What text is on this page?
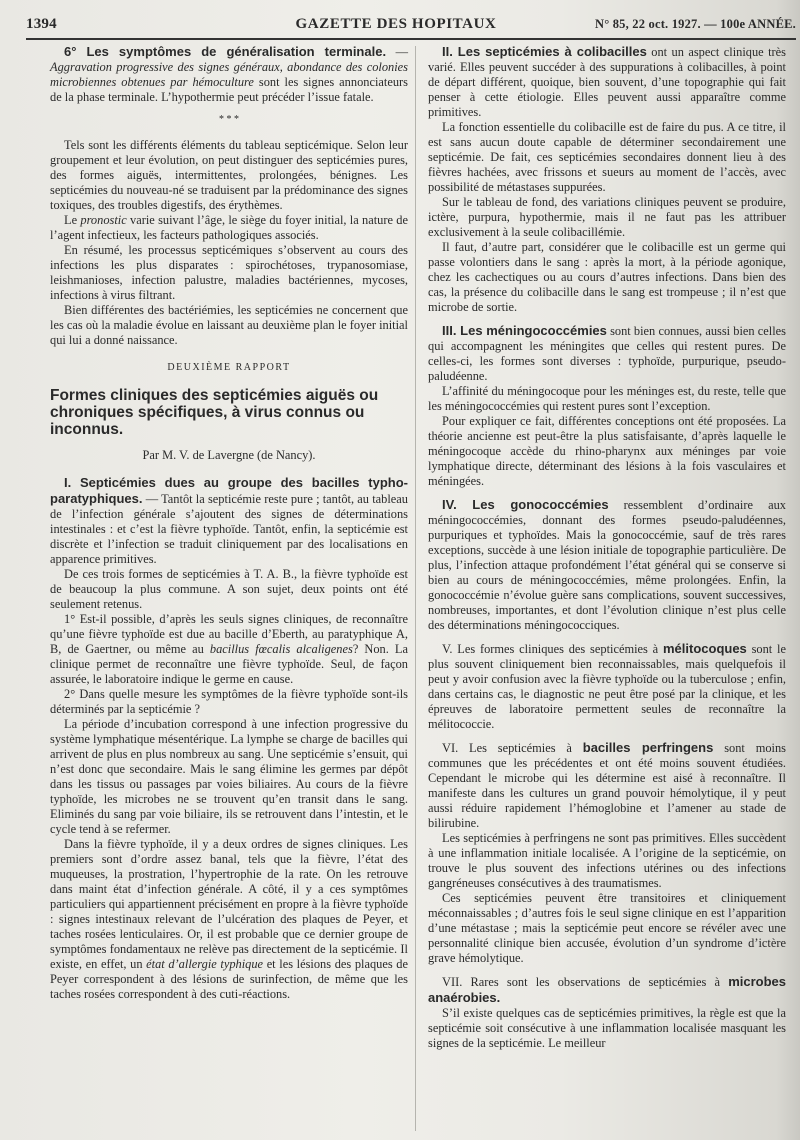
1394	GAZETTE DES HOPITAUX	N° 85, 22 oct. 1927. — 100e ANNÉE.

6° Les symptômes de généralisation terminale. — Aggravation progressive des signes généraux, abondance des colonies microbiennes obtenues par hémoculture sont les signes annonciateurs de la phase terminale. L’hypothermie peut précéder l’issue fatale.

* * *

Tels sont les différents éléments du tableau septicémique. Selon leur groupement et leur évolution, on peut distinguer des septicémies pures, des formes aiguës, intermittentes, prolongées, bénignes. Les septicémies du nouveau-né se traduisent par la prédominance des signes toxiques, des troubles digestifs, des érythèmes.

Le pronostic varie suivant l’âge, le siège du foyer initial, la nature de l’agent infectieux, les facteurs pathologiques associés.

En résumé, les processus septicémiques s’observent au cours des infections les plus disparates : spirochétoses, trypanosomiase, leishmanioses, infection palustre, maladies bactériennes, mycoses, infections à virus filtrant.

Bien différentes des bactériémies, les septicémies ne concernent que les cas où la maladie évolue en laissant au deuxième plan le foyer initial qui lui a donné naissance.

DEUXIÈME RAPPORT

Formes cliniques des septicémies aiguës ou chroniques spécifiques, à virus connus ou inconnus.

Par M. V. de Lavergne (de Nancy).

I. Septicémies dues au groupe des bacilles typho-paratyphiques. — Tantôt la septicémie reste pure ; tantôt, au tableau de l’infection générale s’ajoutent des signes de déterminations intestinales : et c’est la fièvre typhoïde. Tantôt, enfin, la septicémie est discrète et l’infection se traduit cliniquement par des localisations en apparence primitives.

De ces trois formes de septicémies à T. A. B., la fièvre typhoïde est de beaucoup la plus commune. A son sujet, deux points ont été seulement retenus.

1° Est-il possible, d’après les seuls signes cliniques, de reconnaître qu’une fièvre typhoïde est due au bacille d’Eberth, au paratyphique A, B, de Gaertner, ou même au bacillus fœcalis alcaligenes? Non. La clinique permet de reconnaître une fièvre typhoïde. Seul, de façon assurée, le laboratoire indique le germe en cause.

2° Dans quelle mesure les symptômes de la fièvre typhoïde sont-ils déterminés par la septicémie ?

La période d’incubation correspond à une infection progressive du système lymphatique mésentérique. La lymphe se charge de bacilles qui arrivent de plus en plus nombreux au sang. Une septicémie s’ensuit, qui n’est donc que secondaire. Mais le sang élimine les germes par dépôt dans les tissus ou passages par voies biliaires. Au cours de la fièvre typhoïde, les microbes ne se trouvent qu’en transit dans le sang. Eliminés du sang par voie biliaire, ils se retrouvent dans l’intestin, et le cycle tend à se refermer.

Dans la fièvre typhoïde, il y a deux ordres de signes cliniques. Les premiers sont d’ordre assez banal, tels que la fièvre, l’état des muqueuses, la prostration, l’hypertrophie de la rate. On les retrouve dans maint état d’infection générale. A côté, il y a ces symptômes particuliers qui appartiennent précisément en propre à la fièvre typhoïde : signes intestinaux relevant de l’ulcération des plaques de Peyer, et taches rosées lenticulaires. Or, il est probable que ce dernier groupe de symptômes fondamentaux ne relève pas directement de la septicémie. Il existe, en effet, un état d’allergie typhique et les lésions des plaques de Peyer correspondent à des lésions de surinfection, de même que les taches rosées correspondent à des cuti-réactions.

II. Les septicémies à colibacilles ont un aspect clinique très varié. Elles peuvent succéder à des suppurations à colibacilles, à point de départ différent, quoique, bien souvent, d’une topographie qui fait penser à cette étiologie. Elles peuvent aussi apparaître comme primitives.

La fonction essentielle du colibacille est de faire du pus. A ce titre, il est sans aucun doute capable de déterminer secondairement une septicémie. De fait, ces septicémies secondaires donnent lieu à des fièvres hachées, avec frissons et sueurs au moment de l’accès, avec possibilité de métastases suppurées.

Sur le tableau de fond, des variations cliniques peuvent se produire, ictère, purpura, hypothermie, mais il ne faut pas les attribuer exclusivement à la seule colibacillémie.

Il faut, d’autre part, considérer que le colibacille est un germe qui passe volontiers dans le sang : après la mort, à la période agonique, chez les cachectiques ou au cours d’autres infections. Dans bien des cas, la présence du colibacille dans le sang est trompeuse ; il n’est que microbe de sortie.

III. Les méningococcémies sont bien connues, aussi bien celles qui accompagnent les méningites que celles qui restent pures. De celles-ci, les formes sont diverses : typhoïde, purpurique, pseudo-paludéenne.

L’affinité du méningocoque pour les méninges est, du reste, telle que les méningococcémies qui restent pures sont l’exception.

Pour expliquer ce fait, différentes conceptions ont été proposées. La théorie ancienne est peut-être la plus satisfaisante, d’après laquelle le méningocoque accède du rhino-pharynx aux méninges par voie lymphatique directe, déterminant des lésions à la fois vasculaires et méningées.

IV. Les gonococcémies ressemblent d’ordinaire aux méningococcémies, donnant des formes pseudo-paludéennes, purpuriques et typhoïdes. Mais la gonococcémie, sauf de très rares exceptions, succède à une lésion initiale de topographie particulière. De plus, l’infection attaque profondément l’état général qui se conserve si bien au cours de méningococcémies, même prolongées. Enfin, la gonococcémie n’évolue guère sans complications, souvent successives, nombreuses, importantes, et dont l’évolution clinique n’est plus celle des déterminations méningococciques.

V. Les formes cliniques des septicémies à mélitocoques sont le plus souvent cliniquement bien reconnaissables, mais quelquefois il peut y avoir confusion avec la fièvre typhoïde ou la tuberculose ; enfin, dans certains cas, le diagnostic ne peut être posé par la clinique, et les épreuves de laboratoire permettent seules de reconnaître la mélitococcie.

VI. Les septicémies à bacilles perfringens sont moins communes que les précédentes et ont été moins souvent étudiées. Cependant le microbe qui les détermine est aisé à reconnaître. Il manifeste dans les cultures un grand pouvoir hémolytique, il y peut aussi réduire rapidement l’hémoglobine et l’amener au stade de bilirubine.

Les septicémies à perfringens ne sont pas primitives. Elles succèdent à une inflammation initiale localisée. A l’origine de la septicémie, on trouve le plus souvent des infections utérines ou des infections gangréneuses consécutives à des traumatismes.

Ces septicémies peuvent être transitoires et cliniquement méconnaissables ; d’autres fois le seul signe clinique en est l’apparition d’une métastase ; mais la septicémie peut encore se révéler avec une personnalité clinique bien accusée, évolution d’un syndrome d’ictère grave hémolytique.

VII. Rares sont les observations de septicémies à microbes anaérobies.

S’il existe quelques cas de septicémies primitives, la règle est que la septicémie soit consécutive à une inflammation localisée masquant les signes de la septicémie. Le meilleur
